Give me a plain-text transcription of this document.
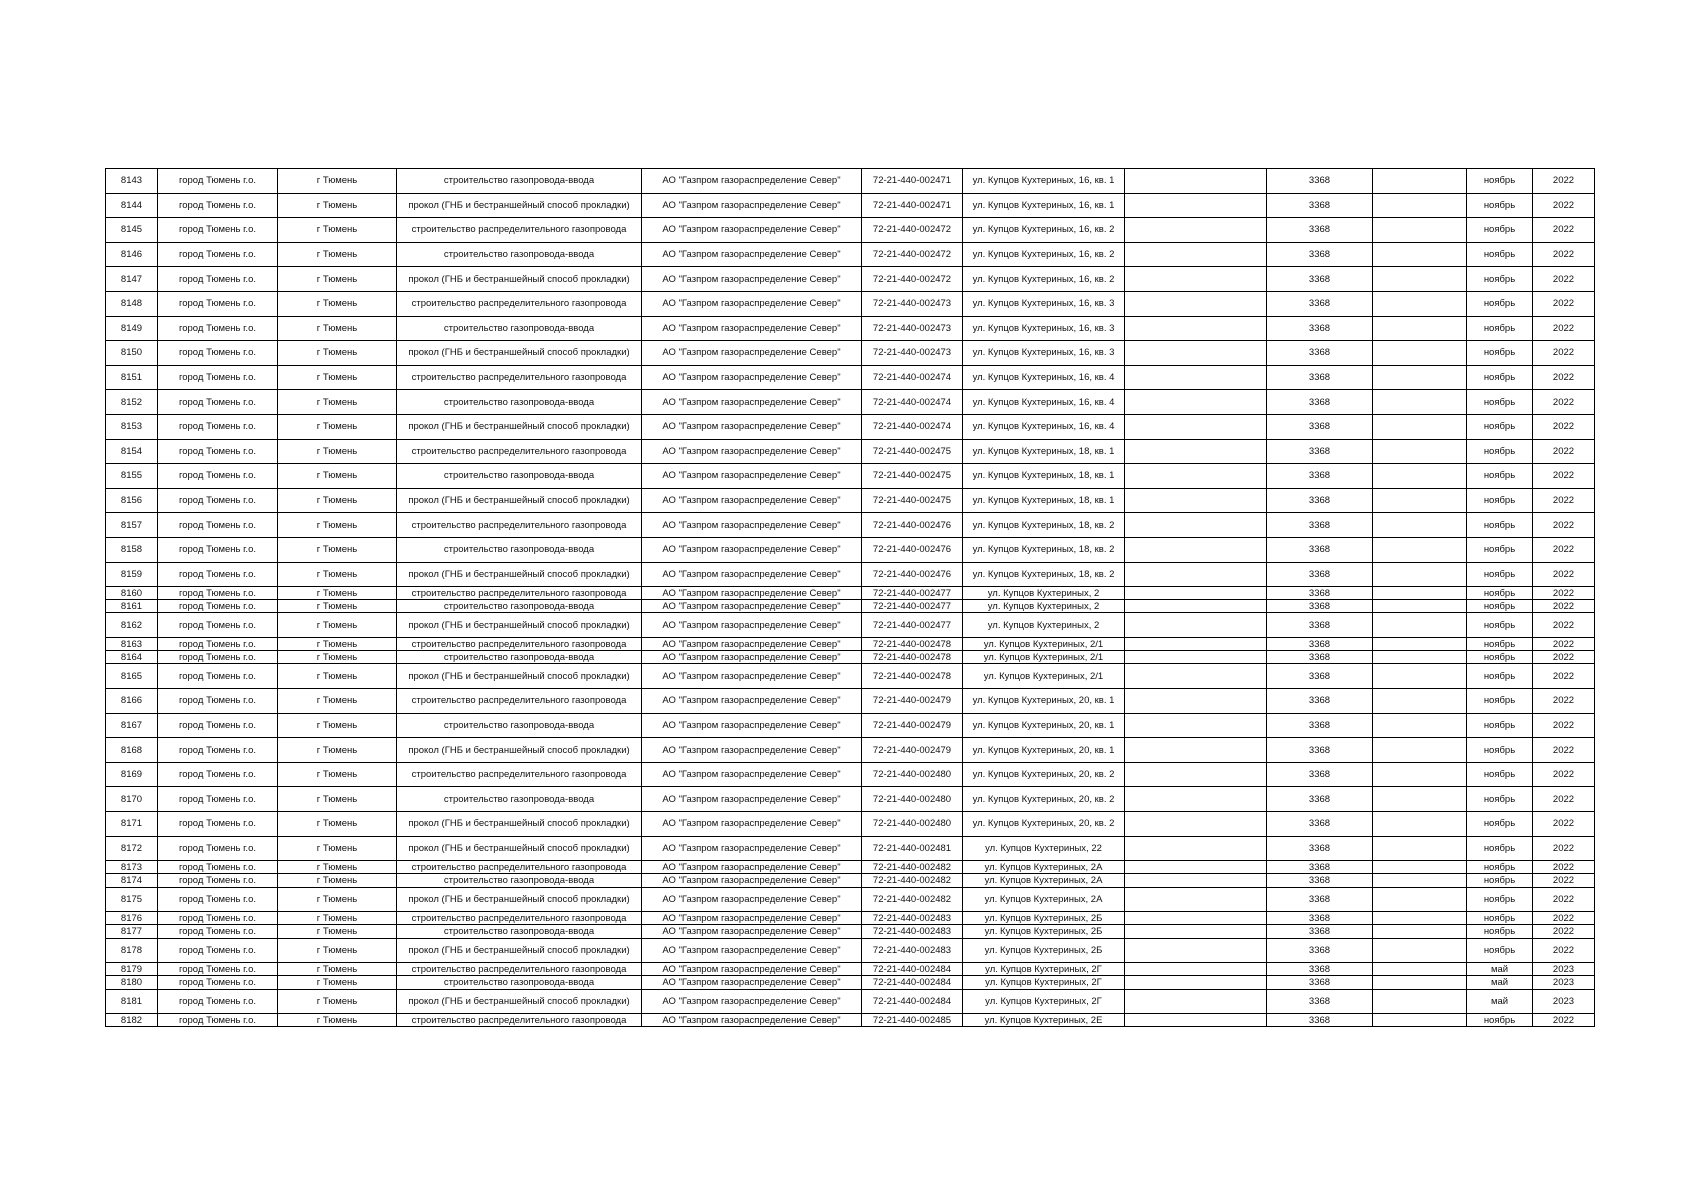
8143	город Тюмень г.о.	г Тюмень	строительство газопровода-ввода	АО "Газпром газораспределение Север"	72-21-440-002471	ул. Купцов Кухтериных, 16, кв. 1		3368		ноябрь	2022
8144	город Тюмень г.о.	г Тюмень	прокол (ГНБ и бестраншейный способ прокладки)	АО "Газпром газораспределение Север"	72-21-440-002471	ул. Купцов Кухтериных, 16, кв. 1		3368		ноябрь	2022
8145	город Тюмень г.о.	г Тюмень	строительство распределительного газопровода	АО "Газпром газораспределение Север"	72-21-440-002472	ул. Купцов Кухтериных, 16, кв. 2		3368		ноябрь	2022
8146	город Тюмень г.о.	г Тюмень	строительство газопровода-ввода	АО "Газпром газораспределение Север"	72-21-440-002472	ул. Купцов Кухтериных, 16, кв. 2		3368		ноябрь	2022
8147	город Тюмень г.о.	г Тюмень	прокол (ГНБ и бестраншейный способ прокладки)	АО "Газпром газораспределение Север"	72-21-440-002472	ул. Купцов Кухтериных, 16, кв. 2		3368		ноябрь	2022
8148	город Тюмень г.о.	г Тюмень	строительство распределительного газопровода	АО "Газпром газораспределение Север"	72-21-440-002473	ул. Купцов Кухтериных, 16, кв. 3		3368		ноябрь	2022
8149	город Тюмень г.о.	г Тюмень	строительство газопровода-ввода	АО "Газпром газораспределение Север"	72-21-440-002473	ул. Купцов Кухтериных, 16, кв. 3		3368		ноябрь	2022
8150	город Тюмень г.о.	г Тюмень	прокол (ГНБ и бестраншейный способ прокладки)	АО "Газпром газораспределение Север"	72-21-440-002473	ул. Купцов Кухтериных, 16, кв. 3		3368		ноябрь	2022
8151	город Тюмень г.о.	г Тюмень	строительство распределительного газопровода	АО "Газпром газораспределение Север"	72-21-440-002474	ул. Купцов Кухтериных, 16, кв. 4		3368		ноябрь	2022
8152	город Тюмень г.о.	г Тюмень	строительство газопровода-ввода	АО "Газпром газораспределение Север"	72-21-440-002474	ул. Купцов Кухтериных, 16, кв. 4		3368		ноябрь	2022
8153	город Тюмень г.о.	г Тюмень	прокол (ГНБ и бестраншейный способ прокладки)	АО "Газпром газораспределение Север"	72-21-440-002474	ул. Купцов Кухтериных, 16, кв. 4		3368		ноябрь	2022
8154	город Тюмень г.о.	г Тюмень	строительство распределительного газопровода	АО "Газпром газораспределение Север"	72-21-440-002475	ул. Купцов Кухтериных, 18, кв. 1		3368		ноябрь	2022
8155	город Тюмень г.о.	г Тюмень	строительство газопровода-ввода	АО "Газпром газораспределение Север"	72-21-440-002475	ул. Купцов Кухтериных, 18, кв. 1		3368		ноябрь	2022
8156	город Тюмень г.о.	г Тюмень	прокол (ГНБ и бестраншейный способ прокладки)	АО "Газпром газораспределение Север"	72-21-440-002475	ул. Купцов Кухтериных, 18, кв. 1		3368		ноябрь	2022
8157	город Тюмень г.о.	г Тюмень	строительство распределительного газопровода	АО "Газпром газораспределение Север"	72-21-440-002476	ул. Купцов Кухтериных, 18, кв. 2		3368		ноябрь	2022
8158	город Тюмень г.о.	г Тюмень	строительство газопровода-ввода	АО "Газпром газораспределение Север"	72-21-440-002476	ул. Купцов Кухтериных, 18, кв. 2		3368		ноябрь	2022
8159	город Тюмень г.о.	г Тюмень	прокол (ГНБ и бестраншейный способ прокладки)	АО "Газпром газораспределение Север"	72-21-440-002476	ул. Купцов Кухтериных, 18, кв. 2		3368		ноябрь	2022
8160	город Тюмень г.о.	г Тюмень	строительство распределительного газопровода	АО "Газпром газораспределение Север"	72-21-440-002477	ул. Купцов Кухтериных, 2		3368		ноябрь	2022
8161	город Тюмень г.о.	г Тюмень	строительство газопровода-ввода	АО "Газпром газораспределение Север"	72-21-440-002477	ул. Купцов Кухтериных, 2		3368		ноябрь	2022
8162	город Тюмень г.о.	г Тюмень	прокол (ГНБ и бестраншейный способ прокладки)	АО "Газпром газораспределение Север"	72-21-440-002477	ул. Купцов Кухтериных, 2		3368		ноябрь	2022
8163	город Тюмень г.о.	г Тюмень	строительство распределительного газопровода	АО "Газпром газораспределение Север"	72-21-440-002478	ул. Купцов Кухтериных, 2/1		3368		ноябрь	2022
8164	город Тюмень г.о.	г Тюмень	строительство газопровода-ввода	АО "Газпром газораспределение Север"	72-21-440-002478	ул. Купцов Кухтериных, 2/1		3368		ноябрь	2022
8165	город Тюмень г.о.	г Тюмень	прокол (ГНБ и бестраншейный способ прокладки)	АО "Газпром газораспределение Север"	72-21-440-002478	ул. Купцов Кухтериных, 2/1		3368		ноябрь	2022
8166	город Тюмень г.о.	г Тюмень	строительство распределительного газопровода	АО "Газпром газораспределение Север"	72-21-440-002479	ул. Купцов Кухтериных, 20, кв. 1		3368		ноябрь	2022
8167	город Тюмень г.о.	г Тюмень	строительство газопровода-ввода	АО "Газпром газораспределение Север"	72-21-440-002479	ул. Купцов Кухтериных, 20, кв. 1		3368		ноябрь	2022
8168	город Тюмень г.о.	г Тюмень	прокол (ГНБ и бестраншейный способ прокладки)	АО "Газпром газораспределение Север"	72-21-440-002479	ул. Купцов Кухтериных, 20, кв. 1		3368		ноябрь	2022
8169	город Тюмень г.о.	г Тюмень	строительство распределительного газопровода	АО "Газпром газораспределение Север"	72-21-440-002480	ул. Купцов Кухтериных, 20, кв. 2		3368		ноябрь	2022
8170	город Тюмень г.о.	г Тюмень	строительство газопровода-ввода	АО "Газпром газораспределение Север"	72-21-440-002480	ул. Купцов Кухтериных, 20, кв. 2		3368		ноябрь	2022
8171	город Тюмень г.о.	г Тюмень	прокол (ГНБ и бестраншейный способ прокладки)	АО "Газпром газораспределение Север"	72-21-440-002480	ул. Купцов Кухтериных, 20, кв. 2		3368		ноябрь	2022
8172	город Тюмень г.о.	г Тюмень	прокол (ГНБ и бестраншейный способ прокладки)	АО "Газпром газораспределение Север"	72-21-440-002481	ул. Купцов Кухтериных, 22		3368		ноябрь	2022
8173	город Тюмень г.о.	г Тюмень	строительство распределительного газопровода	АО "Газпром газораспределение Север"	72-21-440-002482	ул. Купцов Кухтериных, 2А		3368		ноябрь	2022
8174	город Тюмень г.о.	г Тюмень	строительство газопровода-ввода	АО "Газпром газораспределение Север"	72-21-440-002482	ул. Купцов Кухтериных, 2А		3368		ноябрь	2022
8175	город Тюмень г.о.	г Тюмень	прокол (ГНБ и бестраншейный способ прокладки)	АО "Газпром газораспределение Север"	72-21-440-002482	ул. Купцов Кухтериных, 2А		3368		ноябрь	2022
8176	город Тюмень г.о.	г Тюмень	строительство распределительного газопровода	АО "Газпром газораспределение Север"	72-21-440-002483	ул. Купцов Кухтериных, 2Б		3368		ноябрь	2022
8177	город Тюмень г.о.	г Тюмень	строительство газопровода-ввода	АО "Газпром газораспределение Север"	72-21-440-002483	ул. Купцов Кухтериных, 2Б		3368		ноябрь	2022
8178	город Тюмень г.о.	г Тюмень	прокол (ГНБ и бестраншейный способ прокладки)	АО "Газпром газораспределение Север"	72-21-440-002483	ул. Купцов Кухтериных, 2Б		3368		ноябрь	2022
8179	город Тюмень г.о.	г Тюмень	строительство распределительного газопровода	АО "Газпром газораспределение Север"	72-21-440-002484	ул. Купцов Кухтериных, 2Г		3368		май	2023
8180	город Тюмень г.о.	г Тюмень	строительство газопровода-ввода	АО "Газпром газораспределение Север"	72-21-440-002484	ул. Купцов Кухтериных, 2Г		3368		май	2023
8181	город Тюмень г.о.	г Тюмень	прокол (ГНБ и бестраншейный способ прокладки)	АО "Газпром газораспределение Север"	72-21-440-002484	ул. Купцов Кухтериных, 2Г		3368		май	2023
8182	город Тюмень г.о.	г Тюмень	строительство распределительного газопровода	АО "Газпром газораспределение Север"	72-21-440-002485	ул. Купцов Кухтериных, 2Е		3368		ноябрь	2022
